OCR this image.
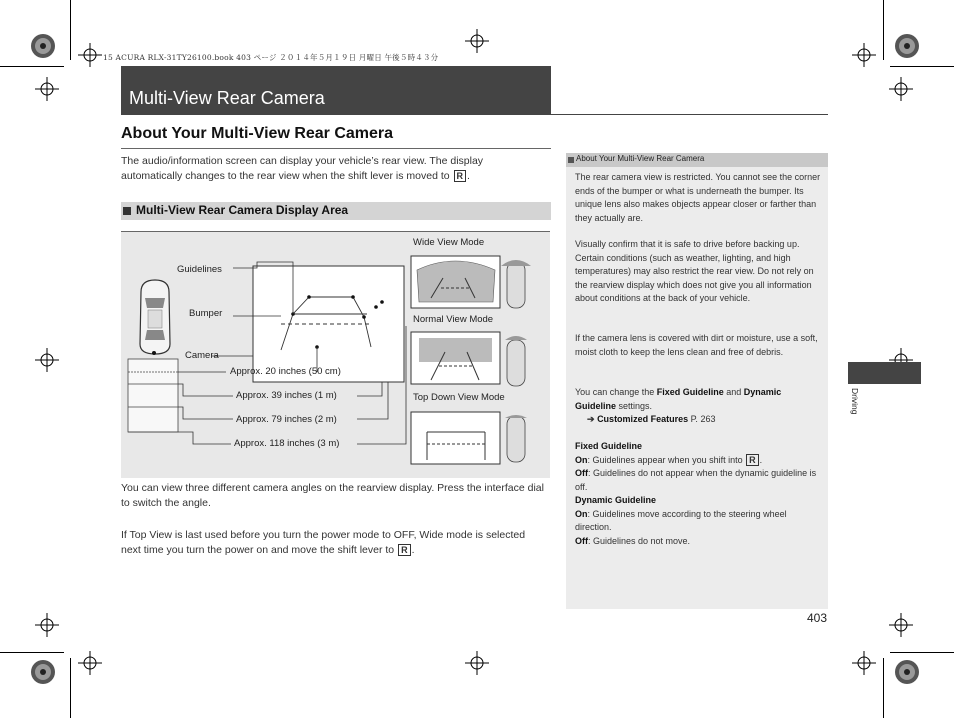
15 ACURA RLX-31TY26100.book 403 ページ ２０１４年５月１９日 月曜日 午後５時４３分
Multi-View Rear Camera
About Your Multi-View Rear Camera
The audio/information screen can display your vehicle’s rear view. The display automatically changes to the rear view when the shift lever is moved to R .
Multi-View Rear Camera Display Area
Guidelines
Bumper
Camera
Approx. 20 inches (50 cm)
Approx. 39 inches (1 m)
Approx. 79 inches (2 m)
Approx. 118 inches (3 m)
Wide View Mode
Normal View Mode
Top Down View Mode
You can view three different camera angles on the rearview display. Press the interface dial to switch the angle.
If Top View is last used before you turn the power mode to OFF, Wide mode is selected next time you turn the power on and move the shift lever to R .
About Your Multi-View Rear Camera
The rear camera view is restricted. You cannot see the corner ends of the bumper or what is underneath the bumper. Its unique lens also makes objects appear closer or farther than they actually are.
Visually confirm that it is safe to drive before backing up. Certain conditions (such as weather, lighting, and high temperatures) may also restrict the rear view. Do not rely on the rearview display which does not give you all information about conditions at the back of your vehicle.
If the camera lens is covered with dirt or moisture, use a soft, moist cloth to keep the lens clean and free of debris.
You can change the Fixed Guideline and Dynamic Guideline settings.
➔ Customized Features P. 263
Fixed Guideline
On: Guidelines appear when you shift into R .
Off: Guidelines do not appear when the dynamic guideline is off.
Dynamic Guideline
On: Guidelines move according to the steering wheel direction.
Off: Guidelines do not move.
Driving
403
